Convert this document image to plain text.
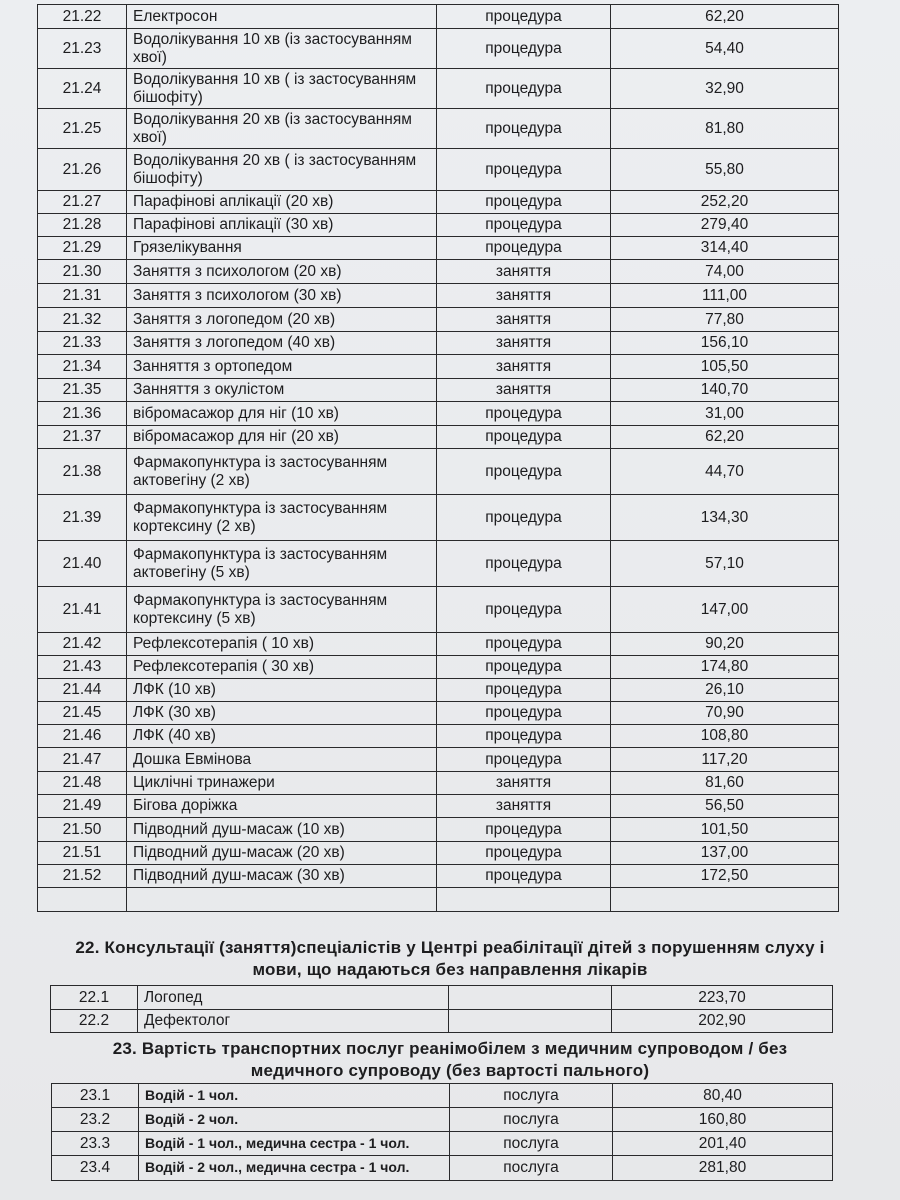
21.22	Електросон	процедура	62,20
21.23	Водолікування 10 хв (із застосуванням хвої)	процедура	54,40
21.24	Водолікування 10 хв ( із застосуванням бішофіту)	процедура	32,90
21.25	Водолікування 20 хв (із застосуванням хвої)	процедура	81,80
21.26	Водолікування 20 хв ( із застосуванням бішофіту)	процедура	55,80
21.27	Парафінові аплікації (20 хв)	процедура	252,20
21.28	Парафінові аплікації (30 хв)	процедура	279,40
21.29	Грязелікування	процедура	314,40
21.30	Заняття з психологом (20 хв)	заняття	74,00
21.31	Заняття з психологом (30 хв)	заняття	111,00
21.32	Заняття з логопедом (20 хв)	заняття	77,80
21.33	Заняття з логопедом (40 хв)	заняття	156,10
21.34	Занняття з ортопедом	заняття	105,50
21.35	Занняття з окулістом	заняття	140,70
21.36	вібромасажор для ніг (10 хв)	процедура	31,00
21.37	вібромасажор для ніг (20 хв)	процедура	62,20
21.38	Фармакопунктура із застосуванням актовегіну (2 хв)	процедура	44,70
21.39	Фармакопунктура із застосуванням кортексину (2 хв)	процедура	134,30
21.40	Фармакопунктура із застосуванням актовегіну (5 хв)	процедура	57,10
21.41	Фармакопунктура із застосуванням кортексину (5 хв)	процедура	147,00
21.42	Рефлексотерапія ( 10 хв)	процедура	90,20
21.43	Рефлексотерапія ( 30 хв)	процедура	174,80
21.44	ЛФК (10 хв)	процедура	26,10
21.45	ЛФК (30 хв)	процедура	70,90
21.46	ЛФК (40 хв)	процедура	108,80
21.47	Дошка Евмінова	процедура	117,20
21.48	Циклічні тринажери	заняття	81,60
21.49	Бігова доріжка	заняття	56,50
21.50	Підводний душ-масаж (10 хв)	процедура	101,50
21.51	Підводний душ-масаж (20 хв)	процедура	137,00
21.52	Підводний душ-масаж (30 хв)	процедура	172,50

22. Консультації (заняття)спеціалістів у Центрі реабілітації дітей з порушенням слуху і мови, що надаються без направлення лікарів
22.1	Логопед		223,70
22.2	Дефектолог		202,90
23. Вартість транспортних послуг реанімобілем з медичним супроводом / без медичного супроводу (без вартості пального)
23.1	Водій - 1 чол.	послуга	80,40
23.2	Водій - 2 чол.	послуга	160,80
23.3	Водій - 1 чол., медична сестра - 1 чол.	послуга	201,40
23.4	Водій - 2 чол., медична сестра - 1 чол.	послуга	281,80
